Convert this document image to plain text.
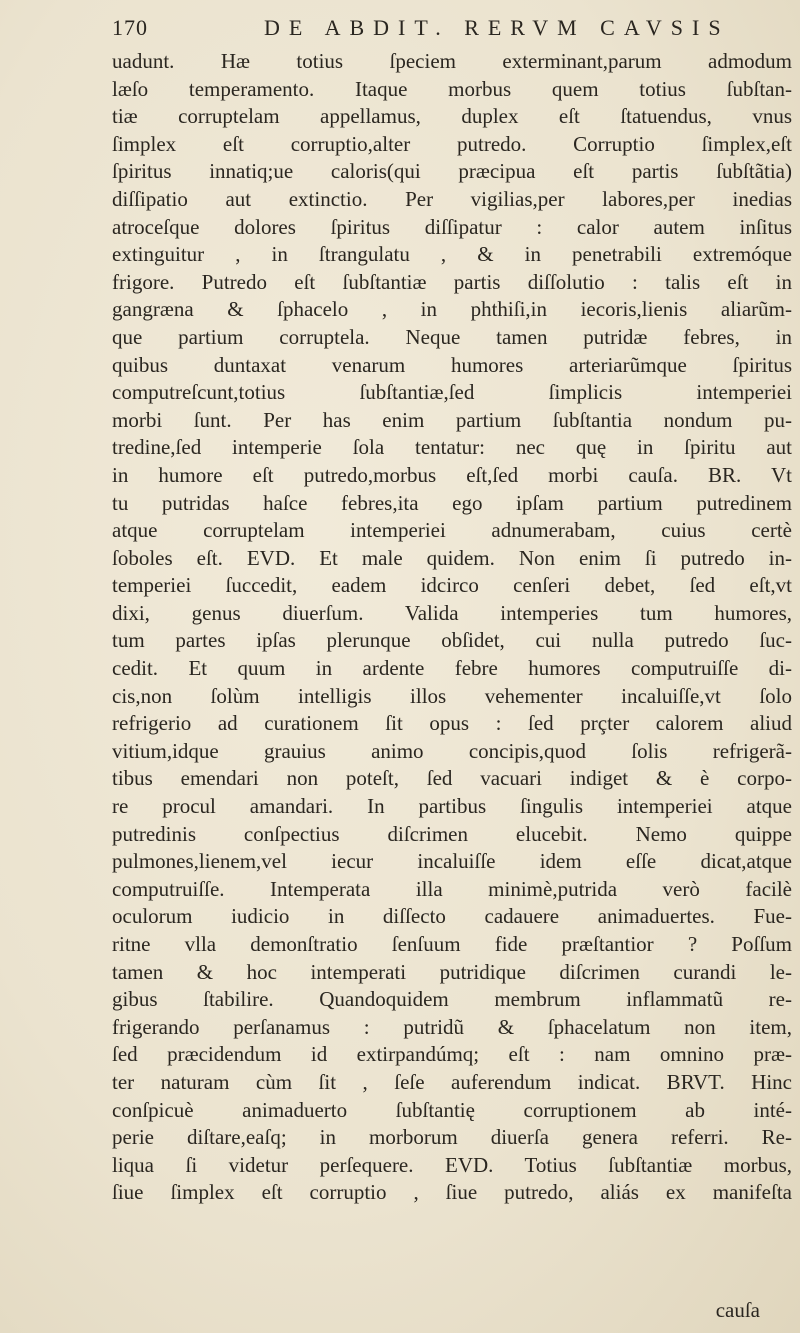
170	DE ABDIT. RERVM CAVSIS
uadunt. Hæ totius ſpeciem exterminant,parum admodum
læſo temperamento. Itaque morbus quem totius ſubſtan-
tiæ corruptelam appellamus, duplex eſt ſtatuendus, vnus
ſimplex eſt corruptio,alter putredo. Corruptio ſimplex,eſt
ſpiritus innatiq;ue caloris(qui præcipua eſt partis ſubſtãtia)
diſſipatio aut extinctio. Per vigilias,per labores,per inedias
atroceſque dolores ſpiritus diſſipatur : calor autem inſitus
extinguitur , in ſtrangulatu , & in penetrabili extremóque
frigore. Putredo eſt ſubſtantiæ partis diſſolutio : talis eſt in
gangræna & ſphacelo , in phthiſi,in iecoris,lienis aliarũm-
que partium corruptela. Neque tamen putridæ febres, in
quibus duntaxat venarum humores arteriarũmque ſpiritus
computreſcunt,totius ſubſtantiæ,ſed ſimplicis intemperiei
morbi ſunt. Per has enim partium ſubſtantia nondum pu-
tredine,ſed intemperie ſola tentatur: nec quę in ſpiritu aut
in humore eſt putredo,morbus eſt,ſed morbi cauſa. BR. Vt
tu putridas haſce febres,ita ego ipſam partium putredinem
atque corruptelam intemperiei adnumerabam, cuius certè
ſoboles eſt. EVD. Et male quidem. Non enim ſi putredo in-
temperiei ſuccedit, eadem idcirco cenſeri debet, ſed eſt,vt
dixi, genus diuerſum. Valida intemperies tum humores,
tum partes ipſas plerunque obſidet, cui nulla putredo ſuc-
cedit. Et quum in ardente febre humores computruiſſe di-
cis,non ſolùm intelligis illos vehementer incaluiſſe,vt ſolo
refrigerio ad curationem ſit opus : ſed prçter calorem aliud
vitium,idque grauius animo concipis,quod ſolis refrigerã-
tibus emendari non poteſt, ſed vacuari indiget & è corpo-
re procul amandari. In partibus ſingulis intemperiei atque
putredinis conſpectius diſcrimen elucebit. Nemo quippe
pulmones,lienem,vel iecur incaluiſſe idem eſſe dicat,atque
computruiſſe. Intemperata illa minimè,putrida verò facilè
oculorum iudicio in diſſecto cadauere animaduertes. Fue-
ritne vlla demonſtratio ſenſuum fide præſtantior ? Poſſum
tamen & hoc intemperati putridique diſcrimen curandi le-
gibus ſtabilire. Quandoquidem membrum inflammatũ re-
frigerando perſanamus : putridũ & ſphacelatum non item,
ſed præcidendum id extirpandúmq; eſt : nam omnino præ-
ter naturam cùm ſit , ſeſe auferendum indicat. BRVT. Hinc
conſpicuè animaduerto ſubſtantię corruptionem ab inté-
perie diſtare,eaſq; in morborum diuerſa genera referri. Re-
liqua ſi videtur perſequere. EVD. Totius ſubſtantiæ morbus,
ſiue ſimplex eſt corruptio , ſiue putredo, aliás ex manifeſta
cauſa
